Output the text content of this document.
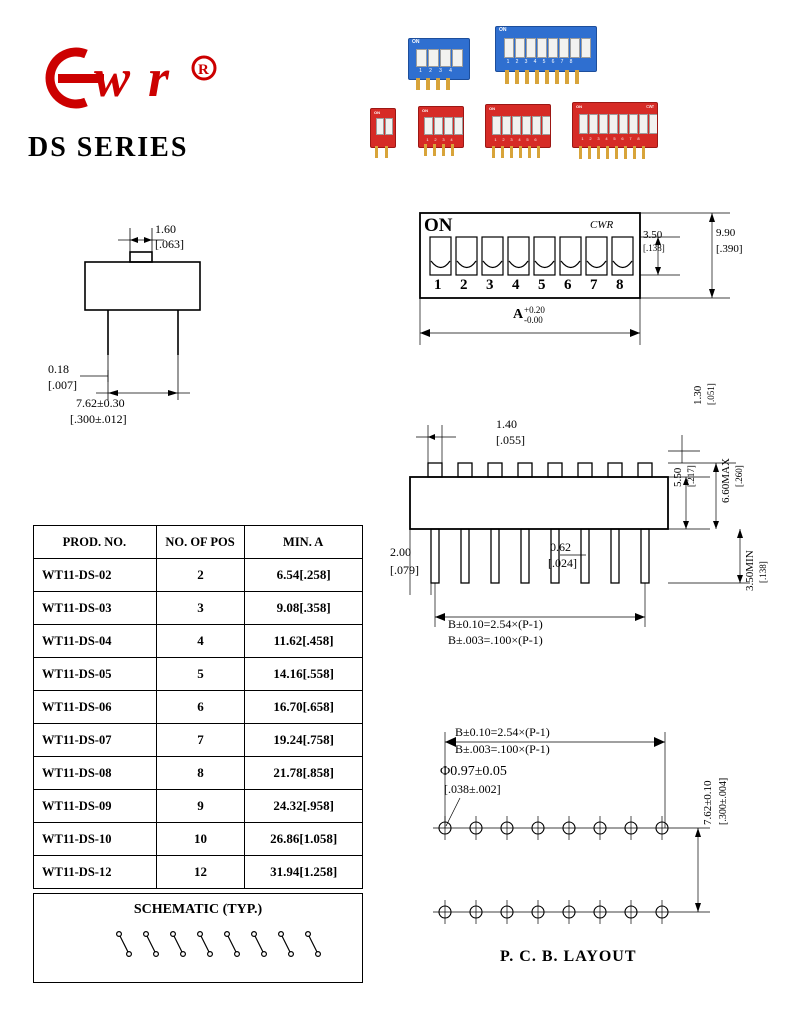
w r R
DS SERIES
ON
1	2	3	4
ON
1	2	3	4	5	6	7	8
ON	ON
1	2	3	4
ON
1	2	3	4	5	6
ON	cwr
1	2	3	4	5	6	7	8
1.60
[.063]
0.18
[.007]
7.62±0.30
[.300±.012]
ON	CWR
1 2 3 4 5 6 7 8
3.50
[.138]
9.90
[.390]
A +0.20
-0.00
1.40
[.055]
1.30 [.051]
5.50 [.217] 6.60MAX [.260]
3.50MIN [.138]
2.00
[.079]
0.62
[.024]
B±0.10=2.54×(P-1)
B±.003=.100×(P-1)
B±0.10=2.54×(P-1)
B±.003=.100×(P-1)
Φ0.97±0.05
[.038±.002]	7.62±0.10 [.300±.004]
P. C. B. LAYOUT
PROD. NO.	NO. OF POS	MIN. A
WT11-DS-02	2	6.54[.258]
WT11-DS-03	3	9.08[.358]
WT11-DS-04	4	11.62[.458]
WT11-DS-05	5	14.16[.558]
WT11-DS-06	6	16.70[.658]
WT11-DS-07	7	19.24[.758]
WT11-DS-08	8	21.78[.858]
WT11-DS-09	9	24.32[.958]
WT11-DS-10	10	26.86[1.058]
WT11-DS-12	12	31.94[1.258]
SCHEMATIC (TYP.)
